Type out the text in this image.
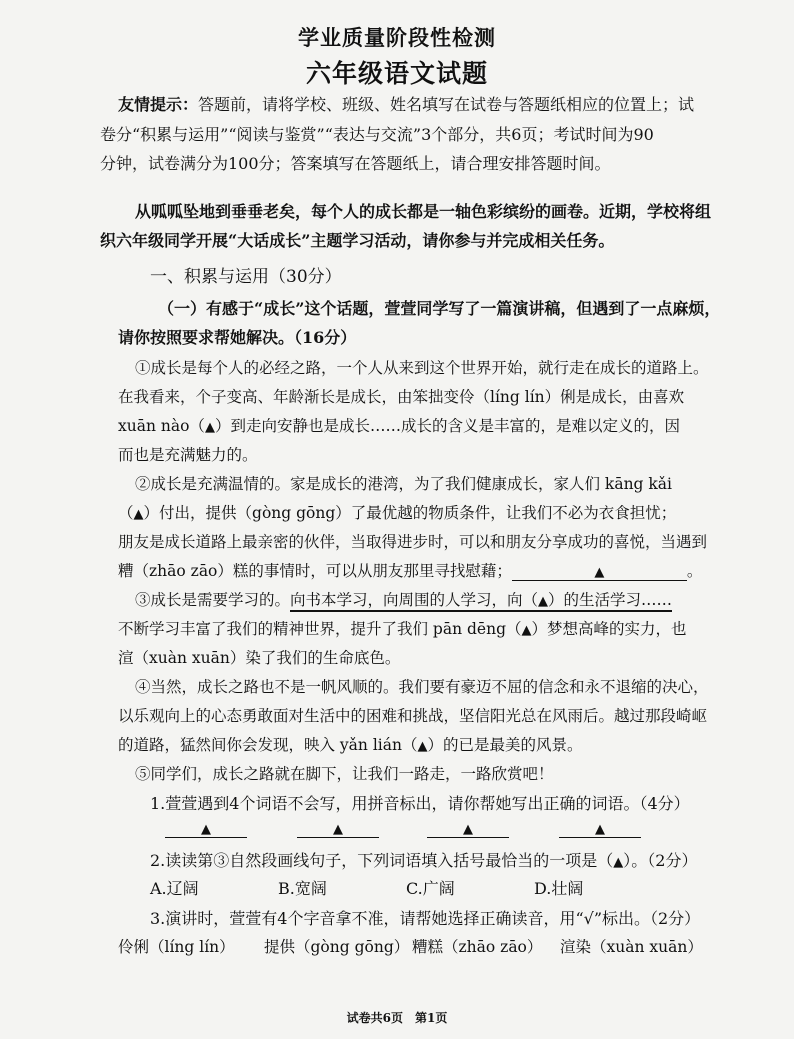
学业质量阶段性检测
六年级语文试题
友情提示：答题前，请将学校、班级、姓名填写在试卷与答题纸相应的位置上；试
卷分“积累与运用”“阅读与鉴赏”“表达与交流”3个部分，共6页；考试时间为90
分钟，试卷满分为100分；答案填写在答题纸上，请合理安排答题时间。
从呱呱坠地到垂垂老矣，每个人的成长都是一轴色彩缤纷的画卷。近期，学校将组
织六年级同学开展“大话成长”主题学习活动，请你参与并完成相关任务。
一、积累与运用（30分）
（一）有感于“成长”这个话题，萱萱同学写了一篇演讲稿，但遇到了一点麻烦，
请你按照要求帮她解决。（16分）
①成长是每个人的必经之路，一个人从来到这个世界开始，就行走在成长的道路上。
在我看来，个子变高、年龄渐长是成长，由笨拙变伶（líng lín）俐是成长，由喜欢
xuān nào（▲）到走向安静也是成长……成长的含义是丰富的，是难以定义的，因
而也是充满魅力的。
②成长是充满温情的。家是成长的港湾，为了我们健康成长，家人们 kāng kǎi
（▲）付出，提供（gòng gōng）了最优越的物质条件，让我们不必为衣食担忧；
朋友是成长道路上最亲密的伙伴，当取得进步时，可以和朋友分享成功的喜悦，当遇到
糟（zhāo zāo）糕的事情时，可以从朋友那里寻找慰藉；	▲	。
③成长是需要学习的。向书本学习，向周围的人学习，向（▲）的生活学习……
不断学习丰富了我们的精神世界，提升了我们 pān dēng（▲）梦想高峰的实力，也
渲（xuàn xuān）染了我们的生命底色。
④当然，成长之路也不是一帆风顺的。我们要有豪迈不屈的信念和永不退缩的决心，
以乐观向上的心态勇敢面对生活中的困难和挑战，坚信阳光总在风雨后。越过那段崎岖
的道路，猛然间你会发现，映入 yǎn lián（▲）的已是最美的风景。
⑤同学们，成长之路就在脚下，让我们一路走，一路欣赏吧！
1.萱萱遇到4个词语不会写，用拼音标出，请你帮她写出正确的词语。（4分）
▲	▲	▲	▲
2.读读第③自然段画线句子，下列词语填入括号最恰当的一项是（▲）。（2分）
A.辽阔	B.宽阔	C.广阔	D.壮阔
3.演讲时，萱萱有4个字音拿不准，请帮她选择正确读音，用“√”标出。（2分）
伶俐（líng lín） 提供（gòng gōng） 糟糕（zhāo zāo） 渲染（xuàn xuān）
试卷共6页　第1页
